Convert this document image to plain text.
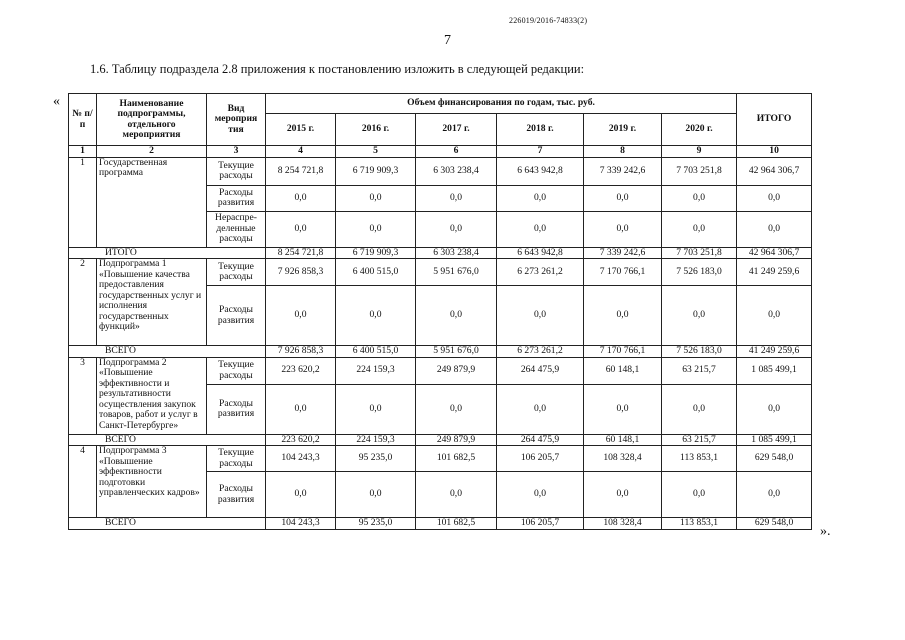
226019/2016-74833(2)
7
1.6. Таблицу подраздела 2.8 приложения к постановлению изложить в следующей редакции:
«
».
№ п/п	Наименование подпрограммы, отдельного мероприятия	Вид мероприя тия	Объем финансирования по годам, тыс. руб.						ИТОГО
			2015 г.	2016 г.	2017 г.	2018 г.	2019 г.	2020 г.	
1	2	3	4	5	6	7	8	9	10
1	Государственная программа	Текущие расходы	8 254 721,8	6 719 909,3	6 303 238,4	6 643 942,8	7 339 242,6	7 703 251,8	42 964 306,7
		Расходы развития	0,0	0,0	0,0	0,0	0,0	0,0	0,0
		Нераспре-деленные расходы	0,0	0,0	0,0	0,0	0,0	0,0	0,0
ИТОГО			8 254 721,8	6 719 909,3	6 303 238,4	6 643 942,8	7 339 242,6	7 703 251,8	42 964 306,7
2	Подпрограмма 1 «Повышение качества предоставления государственных услуг и исполнения государственных функций»	Текущие расходы	7 926 858,3	6 400 515,0	5 951 676,0	6 273 261,2	7 170 766,1	7 526 183,0	41 249 259,6
		Расходы развития	0,0	0,0	0,0	0,0	0,0	0,0	0,0
ВСЕГО			7 926 858,3	6 400 515,0	5 951 676,0	6 273 261,2	7 170 766,1	7 526 183,0	41 249 259,6
3	Подпрограмма 2 «Повышение эффективности и результативности осуществления закупок товаров, работ и услуг в Санкт-Петербурге»	Текущие расходы	223 620,2	224 159,3	249 879,9	264 475,9	60 148,1	63 215,7	1 085 499,1
		Расходы развития	0,0	0,0	0,0	0,0	0,0	0,0	0,0
ВСЕГО			223 620,2	224 159,3	249 879,9	264 475,9	60 148,1	63 215,7	1 085 499,1
4	Подпрограмма 3 «Повышение эффективности подготовки управленческих кадров»	Текущие расходы	104 243,3	95 235,0	101 682,5	106 205,7	108 328,4	113 853,1	629 548,0
		Расходы развития	0,0	0,0	0,0	0,0	0,0	0,0	0,0
ВСЕГО			104 243,3	95 235,0	101 682,5	106 205,7	108 328,4	113 853,1	629 548,0
